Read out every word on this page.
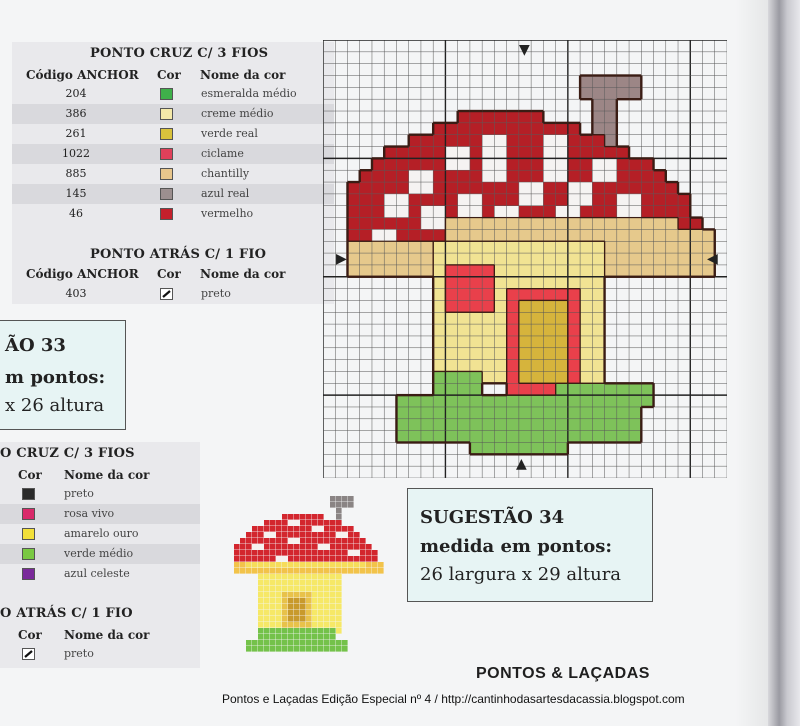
PONTO CRUZ C/ 3 FIOS
Código ANCHOR Cor Nome da cor
204	esmeralda médio
386	creme médio
261	verde real
1022	ciclame
885	chantilly
145	azul real
46	vermelho
PONTO ATRÁS C/ 1 FIO
Código ANCHOR Cor Nome da cor
403	preto
ÃO 33
m pontos:
x 26 altura
O CRUZ C/ 3 FIOS
Cor Nome da cor
preto
rosa vivo
amarelo ouro
verde médio
azul celeste
O ATRÁS C/ 1 FIO
Cor Nome da cor
preto
SUGESTÃO 34
medida em pontos:
26 largura x 29 altura
▼
▲
▶	◀
PONTOS & LAÇADAS
Pontos e Laçadas Edição Especial nº 4 / http://cantinhodasartesdacassia.blogspot.com
